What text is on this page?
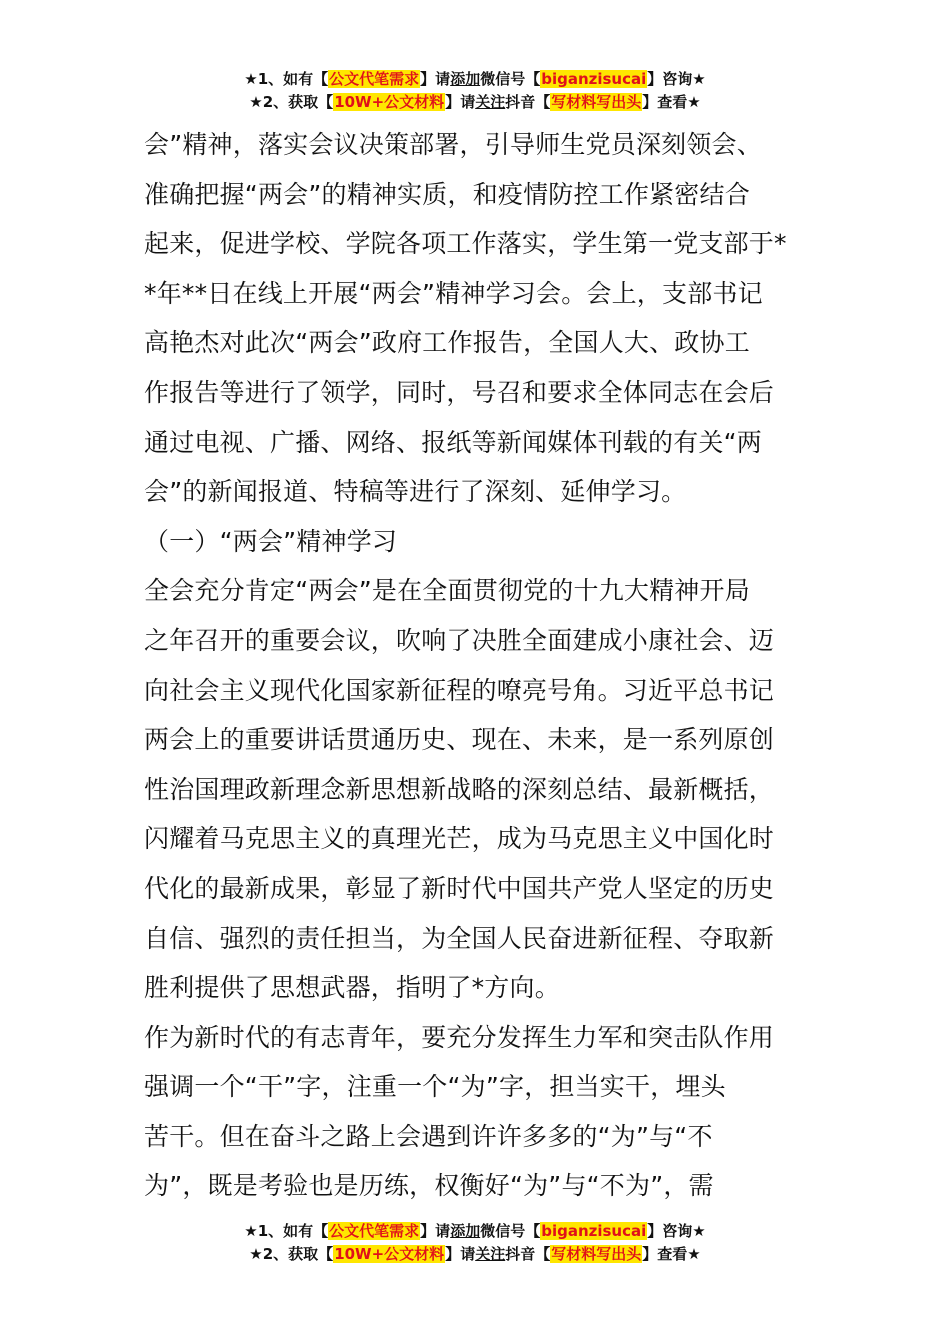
★1、如有【公文代笔需求】请添加微信号【biganzisucai】咨询★
★2、获取【10W+公文材料】请关注抖音【写材料写出头】查看★
会”精神，落实会议决策部署，引导师生党员深刻领会、
准确把握“两会”的精神实质，和疫情防控工作紧密结合
起来，促进学校、学院各项工作落实，学生第一党支部于*
*年**日在线上开展“两会”精神学习会。会上，支部书记
高艳杰对此次“两会”政府工作报告，全国人大、政协工
作报告等进行了领学，同时，号召和要求全体同志在会后
通过电视、广播、网络、报纸等新闻媒体刊载的有关“两
会”的新闻报道、特稿等进行了深刻、延伸学习。
（一）“两会”精神学习
全会充分肯定“两会”是在全面贯彻党的十九大精神开局
之年召开的重要会议，吹响了决胜全面建成小康社会、迈
向社会主义现代化国家新征程的嘹亮号角。习近平总书记
两会上的重要讲话贯通历史、现在、未来，是一系列原创
性治国理政新理念新思想新战略的深刻总结、最新概括，
闪耀着马克思主义的真理光芒，成为马克思主义中国化时
代化的最新成果，彰显了新时代中国共产党人坚定的历史
自信、强烈的责任担当，为全国人民奋进新征程、夺取新
胜利提供了思想武器，指明了*方向。
作为新时代的有志青年，要充分发挥生力军和突击队作用
强调一个“干”字，注重一个“为”字，担当实干，埋头
苦干。但在奋斗之路上会遇到许许多多的“为”与“不
为”，既是考验也是历练，权衡好“为”与“不为”，需
★1、如有【公文代笔需求】请添加微信号【biganzisucai】咨询★
★2、获取【10W+公文材料】请关注抖音【写材料写出头】查看★
